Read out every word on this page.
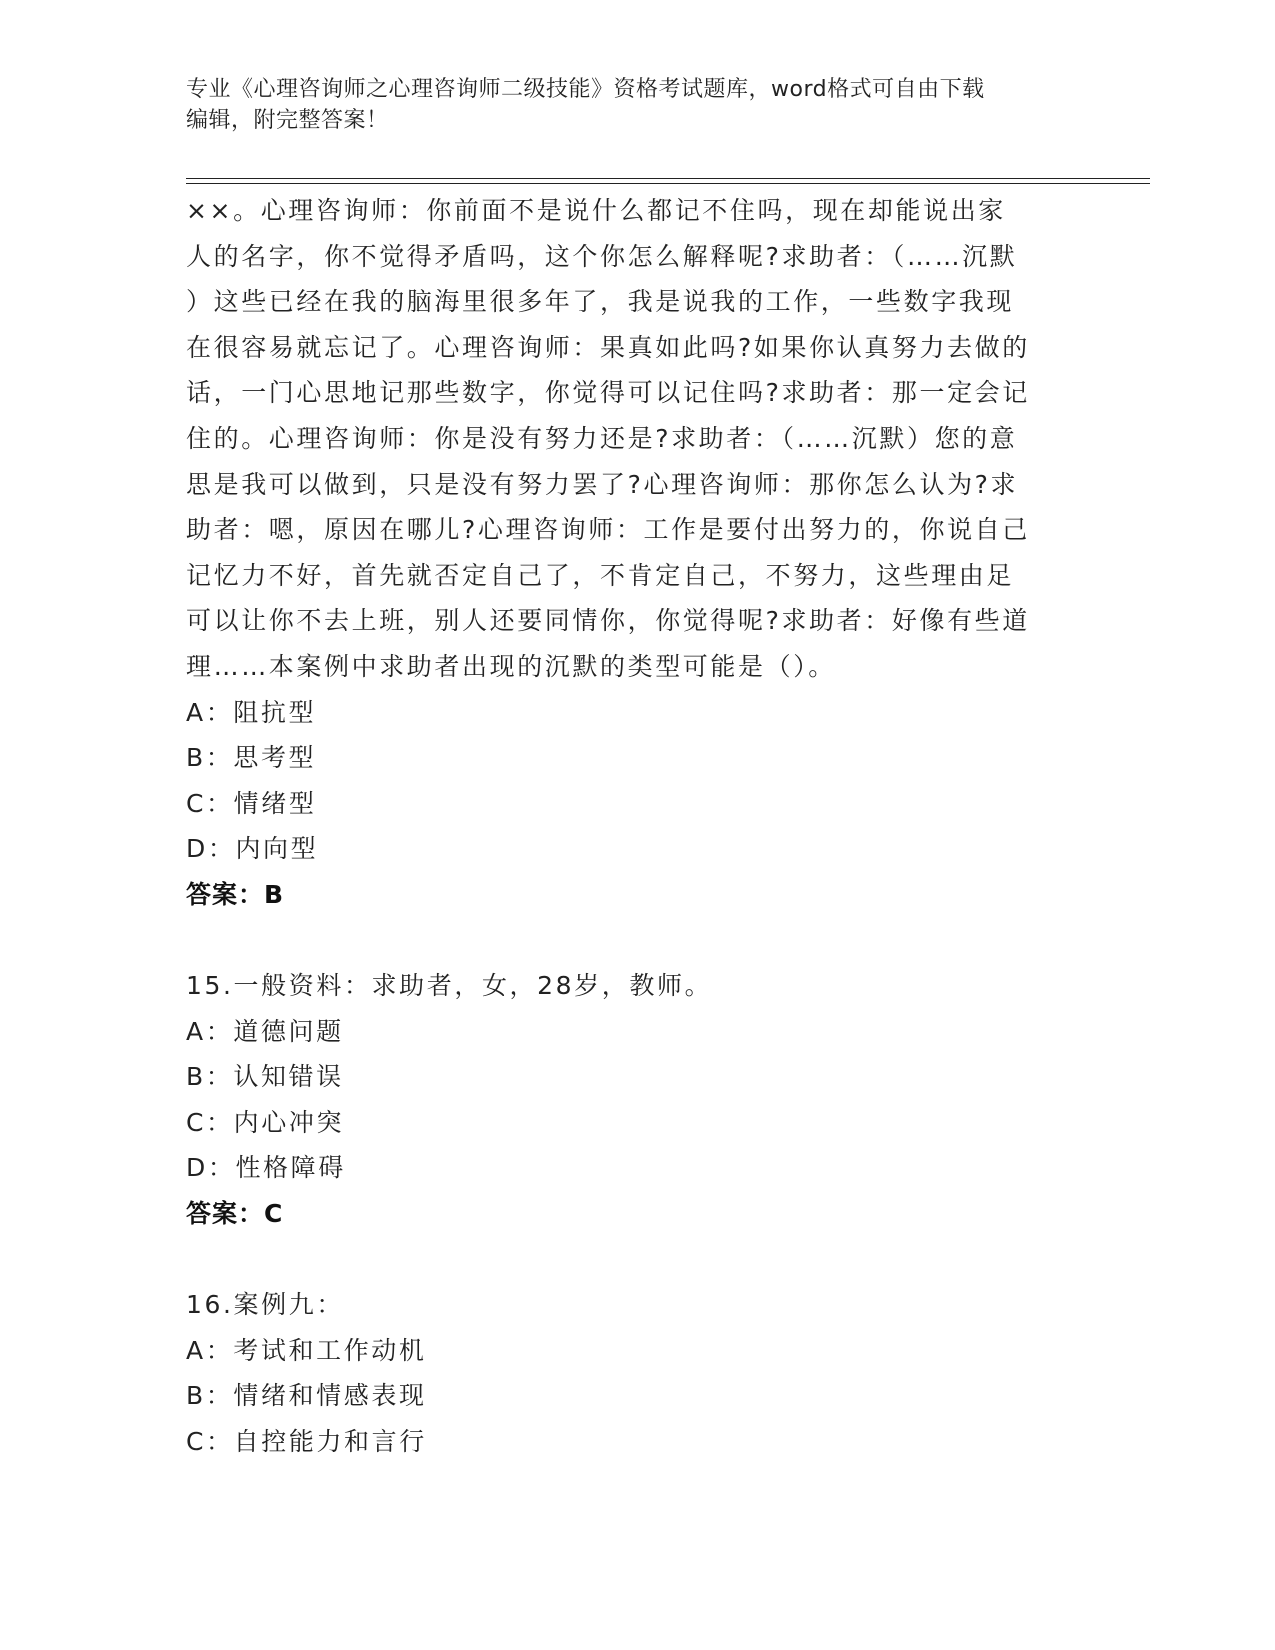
专业《心理咨询师之心理咨询师二级技能》资格考试题库，word格式可自由下载
编辑，附完整答案！
××。心理咨询师：你前面不是说什么都记不住吗，现在却能说出家
人的名字，你不觉得矛盾吗，这个你怎么解释呢?求助者：（……沉默
）这些已经在我的脑海里很多年了，我是说我的工作，一些数字我现
在很容易就忘记了。心理咨询师：果真如此吗?如果你认真努力去做的
话，一门心思地记那些数字，你觉得可以记住吗?求助者：那一定会记
住的。心理咨询师：你是没有努力还是?求助者：（……沉默）您的意
思是我可以做到，只是没有努力罢了?心理咨询师：那你怎么认为?求
助者：嗯，原因在哪儿?心理咨询师：工作是要付出努力的，你说自己
记忆力不好，首先就否定自己了，不肯定自己，不努力，这些理由足
可以让你不去上班，别人还要同情你，你觉得呢?求助者：好像有些道
理……本案例中求助者出现的沉默的类型可能是（）。
A：阻抗型
B：思考型
C：情绪型
D：内向型
答案：B
15.一般资料：求助者，女，28岁，教师。
A：道德问题
B：认知错误
C：内心冲突
D：性格障碍
答案：C
16.案例九：
A：考试和工作动机
B：情绪和情感表现
C：自控能力和言行
